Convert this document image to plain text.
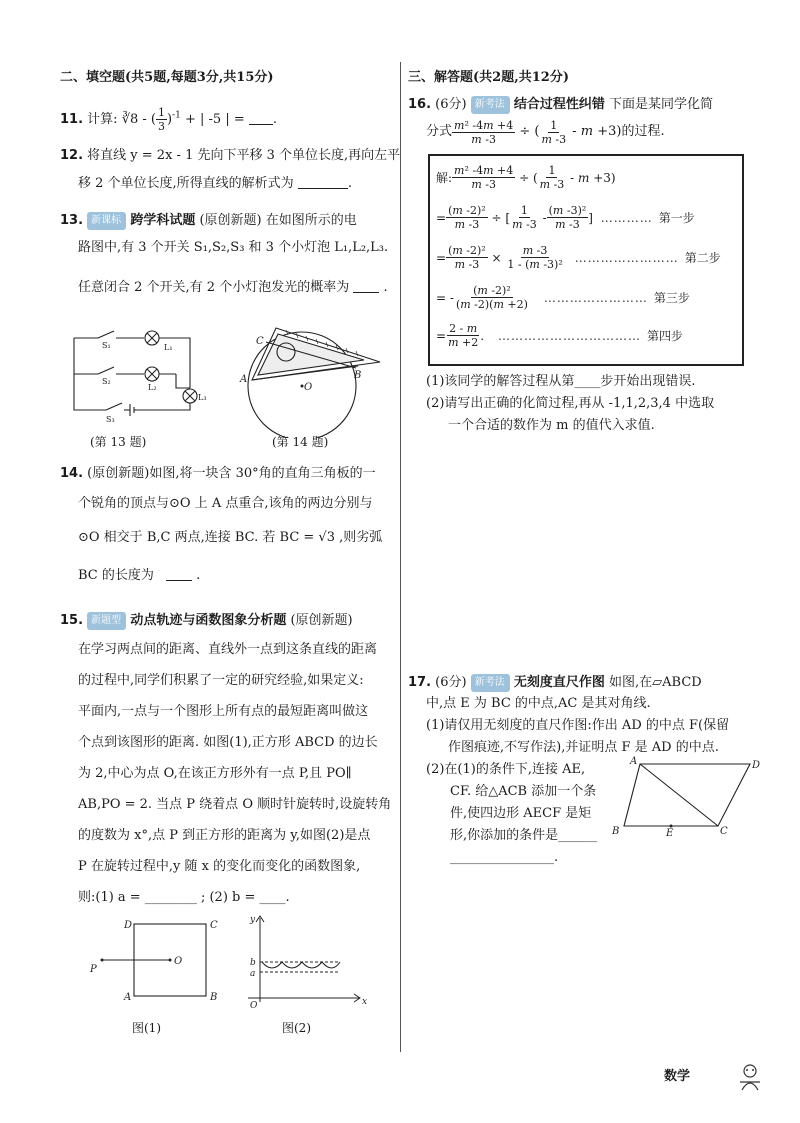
二、填空题(共5题,每题3分,共15分)
11. 计算: ∛8 - ( $\frac{1}{3} )^{-1}$ + | -5 | = .
12. 将直线 y = 2x - 1 先向下平移 3 个单位长度,再向左平
移 2 个单位长度,所得直线的解析式为	.
13. 新课标 跨学科试题 (原创新题) 在如图所示的电
路图中,有 3 个开关 S₁,S₂,S₃ 和 3 个小灯泡 L₁,L₂,L₃.
任意闭合 2 个开关,有 2 个小灯泡发光的概率为  .
S₁
S₂
S₃
L₁
L₂
L₃
(第 13 题)
A
C
B
O
(第 14 题)
14. (原创新题)如图,将一块含 30°角的直角三角板的一
个锐角的顶点与⊙O 上 A 点重合,该角的两边分别与
⊙O 相交于 B,C 两点,连接 BC. 若 BC = √3 ,则劣弧
BC 的长度为	.
15. 新题型 动点轨迹与函数图象分析题 (原创新题)
在学习两点间的距离、直线外一点到这条直线的距离
的过程中,同学们积累了一定的研究经验,如果定义:
平面内,一点与一个图形上所有点的最短距离叫做这
个点到该图形的距离. 如图(1),正方形 ABCD 的边长
为 2,中心为点 O,在该正方形外有一点 P,且 PO∥
AB,PO = 2. 当点 P 绕着点 O 顺时针旋转时,设旋转角
的度数为 x°,点 P 到正方形的距离为 y,如图(2)是点
P 在旋转过程中,y 随 x 的变化而变化的函数图象,
则:(1) a = ________ ; (2) b = ____.
D	C
A	B
P
O
图(1)
y
x
b
a
O
图(2)
三、解答题(共2题,共12分)
16. (6分) 新考法 结合过程性纠错 下面是某同学化简
分式 $\frac{\text{m² -4m +4}}{m -3}$ ÷ ( $\frac{1}{m -3} - m +3$) 的过程.
解: $\frac{\text{m² -4m +4}}{m -3}$ ÷ ( $\frac{1}{m -3} - m +3$)
= $\frac{\text{(m -2)²}}{m -3}$ ÷ [ $\frac{1}{m -3} - \frac{\text{(m -3)²}}{m -3}$ ] ………… 第一步
= $\frac{\text{(m -2)²}}{m -3} \times \frac{m -3}{\text{1 - (m -3)²}}$ …………………… 第二步
= - $\frac{\text{(m -2)²}}{(m -2)(m +2)}$ …………………… 第三步
= $\frac{2 - m}{m +2}$ . …………………………… 第四步
(1)该同学的解答过程从第____步开始出现错误.
(2)请写出正确的化简过程,再从 -1,1,2,3,4 中选取
一个合适的数作为 m 的值代入求值.
17. (6分) 新考法 无刻度直尺作图 如图,在▱ABCD
中,点 E 为 BC 的中点,AC 是其对角线.
(1)请仅用无刻度的直尺作图:作出 AD 的中点 F(保留
作图痕迹,不写作法),并证明点 F 是 AD 的中点.
(2)在(1)的条件下,连接 AE,
CF. 给△ACB 添加一个条
件,使四边形 AECF 是矩
形,你添加的条件是______
________________.
A	D
B	E	C
数学
